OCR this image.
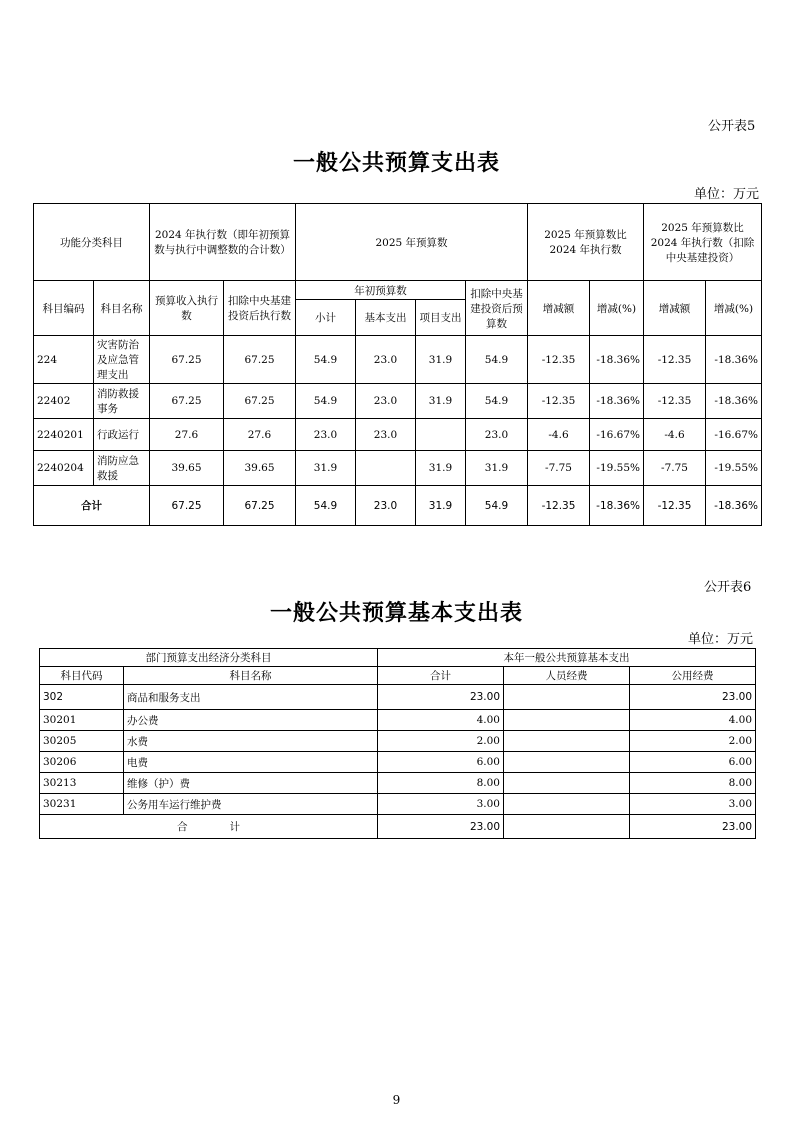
公开表5
一般公共预算支出表
单位：万元
功能分类科目		2024 年执行数（即年初预算数与执行中调整数的合计数）		2025 年预算数				2025 年预算数比 2024 年执行数		2025 年预算数比 2024 年执行数（扣除中央基建投资）	
科目编码	科目名称	预算收入执行数	扣除中央基建投资后执行数	年初预算数			扣除中央基建投资后预算数	增减额	增减(%)	增减额	增减(%)
				小计	基本支出	项目支出					
224	灾害防治及应急管理支出	67.25	67.25	54.9	23.0	31.9	54.9	-12.35	-18.36%	-12.35	-18.36%
22402	消防救援事务	67.25	67.25	54.9	23.0	31.9	54.9	-12.35	-18.36%	-12.35	-18.36%
2240201	行政运行	27.6	27.6	23.0	23.0		23.0	-4.6	-16.67%	-4.6	-16.67%
2240204	消防应急救援	39.65	39.65	31.9		31.9	31.9	-7.75	-19.55%	-7.75	-19.55%
合计		67.25	67.25	54.9	23.0	31.9	54.9	-12.35	-18.36%	-12.35	-18.36%
公开表6
一般公共预算基本支出表
单位：万元
部门预算支出经济分类科目		本年一般公共预算基本支出		
科目代码	科目名称	合计	人员经费	公用经费
302	商品和服务支出	23.00		23.00
30201	办公费	4.00		4.00
30205	水费	2.00		2.00
30206	电费	6.00		6.00
30213	维修（护）费	8.00		8.00
30231	公务用车运行维护费	3.00		3.00
合　　　　计		23.00		23.00
9
